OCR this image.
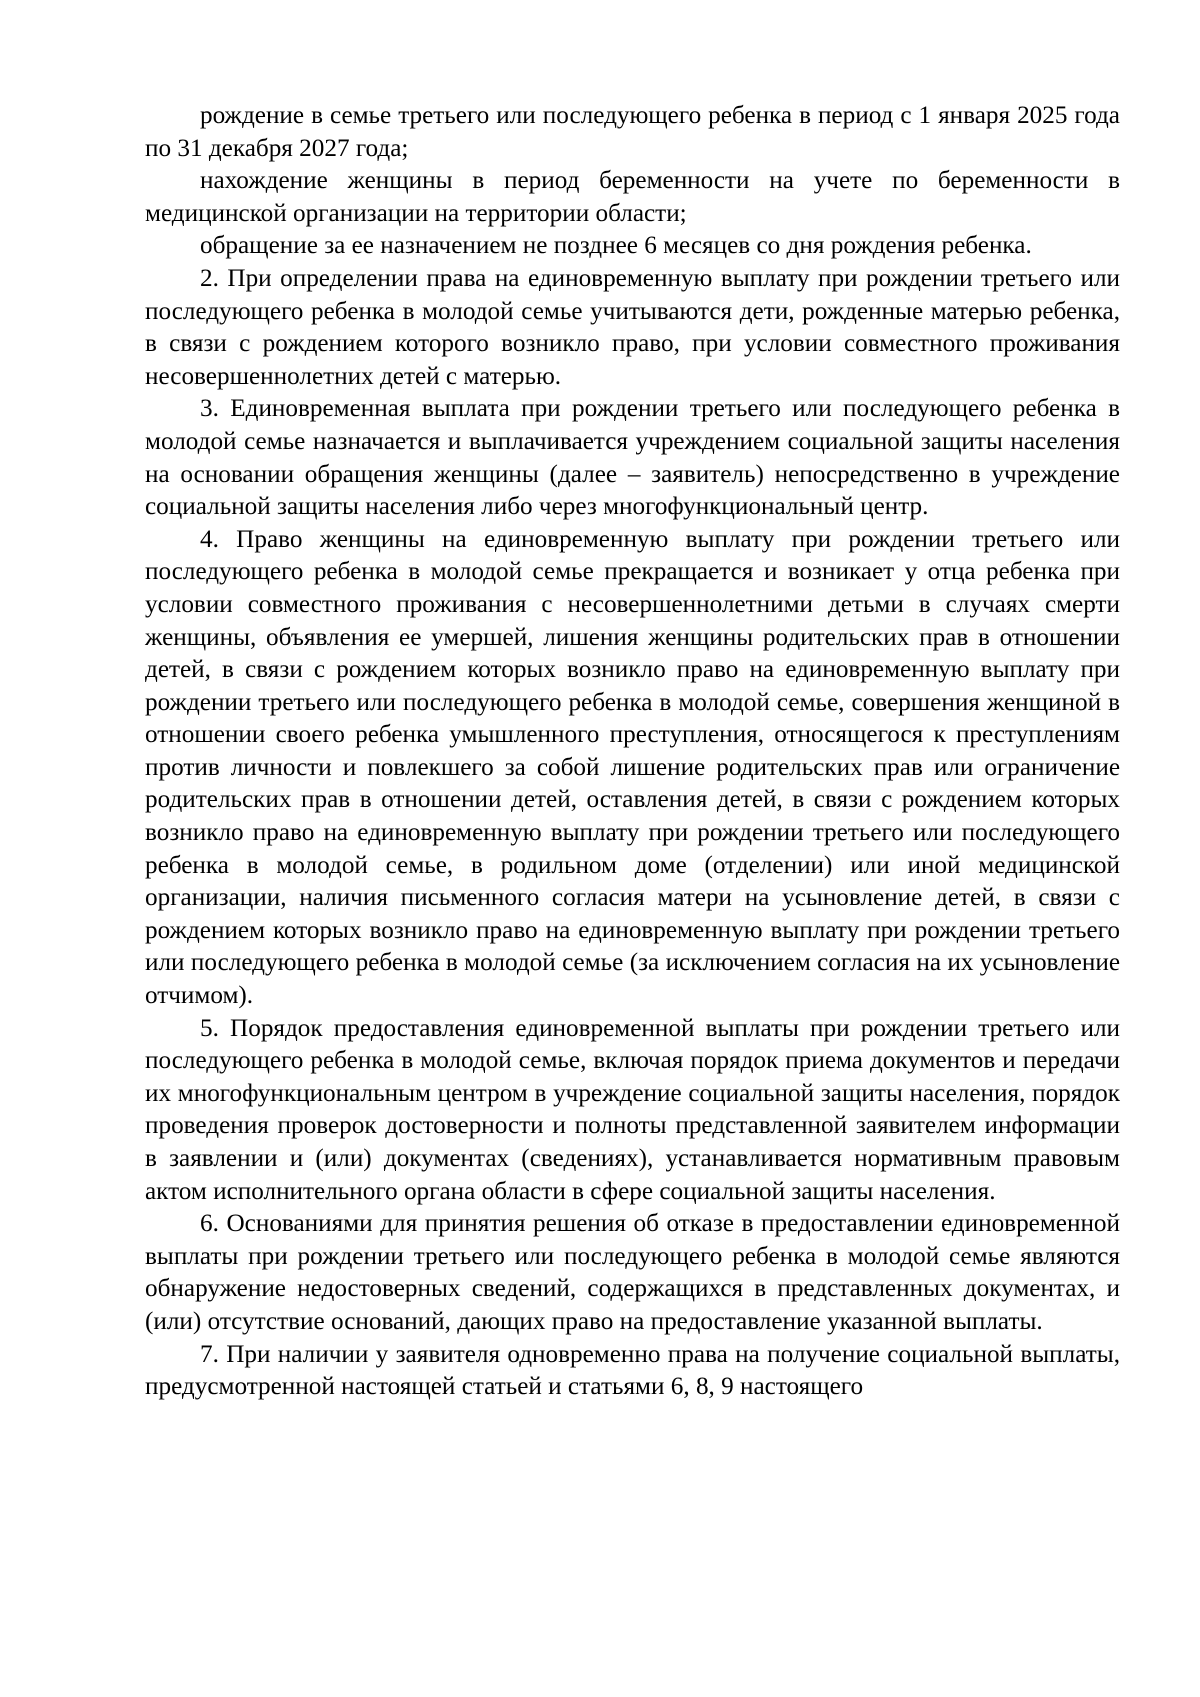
рождение в семье третьего или последующего ребенка в период с 1 января 2025 года по 31 декабря 2027 года;

нахождение женщины в период беременности на учете по беременности в медицинской организации на территории области;

обращение за ее назначением не позднее 6 месяцев со дня рождения ребенка.

2. При определении права на единовременную выплату при рождении третьего или последующего ребенка в молодой семье учитываются дети, рожденные матерью ребенка, в связи с рождением которого возникло право, при условии совместного проживания несовершеннолетних детей с матерью.

3. Единовременная выплата при рождении третьего или последующего ребенка в молодой семье назначается и выплачивается учреждением социальной защиты населения на основании обращения женщины (далее – заявитель) непосредственно в учреждение социальной защиты населения либо через многофункциональный центр.

4. Право женщины на единовременную выплату при рождении третьего или последующего ребенка в молодой семье прекращается и возникает у отца ребенка при условии совместного проживания с несовершеннолетними детьми в случаях смерти женщины, объявления ее умершей, лишения женщины родительских прав в отношении детей, в связи с рождением которых возникло право на единовременную выплату при рождении третьего или последующего ребенка в молодой семье, совершения женщиной в отношении своего ребенка умышленного преступления, относящегося к преступлениям против личности и повлекшего за собой лишение родительских прав или ограничение родительских прав в отношении детей, оставления детей, в связи с рождением которых возникло право на единовременную выплату при рождении третьего или последующего ребенка в молодой семье, в родильном доме (отделении) или иной медицинской организации, наличия письменного согласия матери на усыновление детей, в связи с рождением которых возникло право на единовременную выплату при рождении третьего или последующего ребенка в молодой семье (за исключением согласия на их усыновление отчимом).

5. Порядок предоставления единовременной выплаты при рождении третьего или последующего ребенка в молодой семье, включая порядок приема документов и передачи их многофункциональным центром в учреждение социальной защиты населения, порядок проведения проверок достоверности и полноты представленной заявителем информации в заявлении и (или) документах (сведениях), устанавливается нормативным правовым актом исполнительного органа области в сфере социальной защиты населения.

6. Основаниями для принятия решения об отказе в предоставлении единовременной выплаты при рождении третьего или последующего ребенка в молодой семье являются обнаружение недостоверных сведений, содержащихся в представленных документах, и (или) отсутствие оснований, дающих право на предоставление указанной выплаты.

7. При наличии у заявителя одновременно права на получение социальной выплаты, предусмотренной настоящей статьей и статьями 6, 8, 9 настоящего
